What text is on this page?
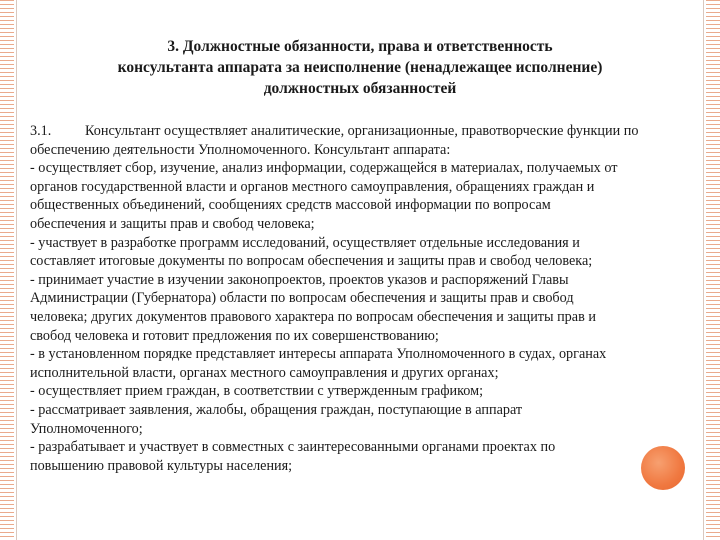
3. Должностные обязанности, права и ответственность
консультанта аппарата за неисполнение (ненадлежащее исполнение)
должностных обязанностей
3.1. Консультант осуществляет аналитические, организационные, правотворческие функции по
обеспечению деятельности Уполномоченного. Консультант аппарата:
- осуществляет сбор, изучение, анализ информации, содержащейся в материалах, получаемых от
органов государственной власти и органов местного самоуправления, обращениях граждан и
общественных объединений, сообщениях средств массовой информации по вопросам
обеспечения и защиты прав и свобод человека;
- участвует в разработке программ исследований, осуществляет отдельные исследования и
составляет итоговые документы по вопросам обеспечения и защиты прав и свобод человека;
- принимает участие в изучении законопроектов, проектов указов и распоряжений Главы
Администрации (Губернатора) области по вопросам обеспечения и защиты прав и свобод
человека; других документов правового характера по вопросам обеспечения и защиты прав и
свобод человека и готовит предложения по их совершенствованию;
- в установленном порядке представляет интересы аппарата Уполномоченного в судах, органах
исполнительной власти, органах местного самоуправления и других органах;
- осуществляет прием граждан, в соответствии с утвержденным графиком;
- рассматривает заявления, жалобы, обращения граждан, поступающие в аппарат
Уполномоченного;
- разрабатывает и участвует в совместных с заинтересованными органами проектах по
повышению правовой культуры населения;
